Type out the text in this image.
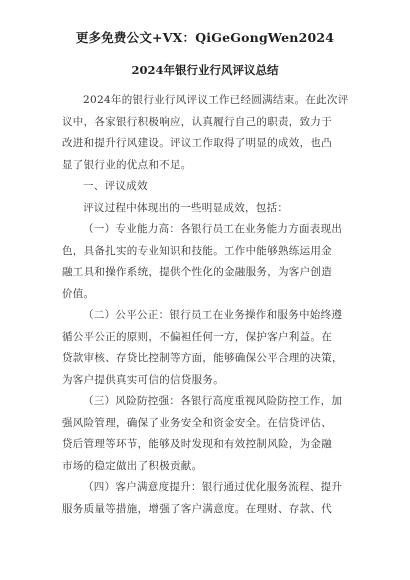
更多免费公文+VX：QiGeGongWen2024
2024年银行业行风评议总结

2024年的银行业行风评议工作已经圆满结束。在此次评
议中，各家银行积极响应，认真履行自己的职责，致力于
改进和提升行风建设。评议工作取得了明显的成效，也凸
显了银行业的优点和不足。

一、评议成效

评议过程中体现出的一些明显成效，包括：

（一）专业能力高：各银行员工在业务能力方面表现出
色，具备扎实的专业知识和技能。工作中能够熟练运用金
融工具和操作系统，提供个性化的金融服务，为客户创造
价值。

（二）公平公正：银行员工在业务操作和服务中始终遵
循公平公正的原则，不偏袒任何一方，保护客户利益。在
贷款审核、存贷比控制等方面，能够确保公平合理的决策，
为客户提供真实可信的信贷服务。

（三）风险防控强：各银行高度重视风险防控工作，加
强风险管理，确保了业务安全和资金安全。在信贷评估、
贷后管理等环节，能够及时发现和有效控制风险，为金融
市场的稳定做出了积极贡献。

（四）客户满意度提升：银行通过优化服务流程、提升
服务质量等措施，增强了客户满意度。在理财、存款、代
